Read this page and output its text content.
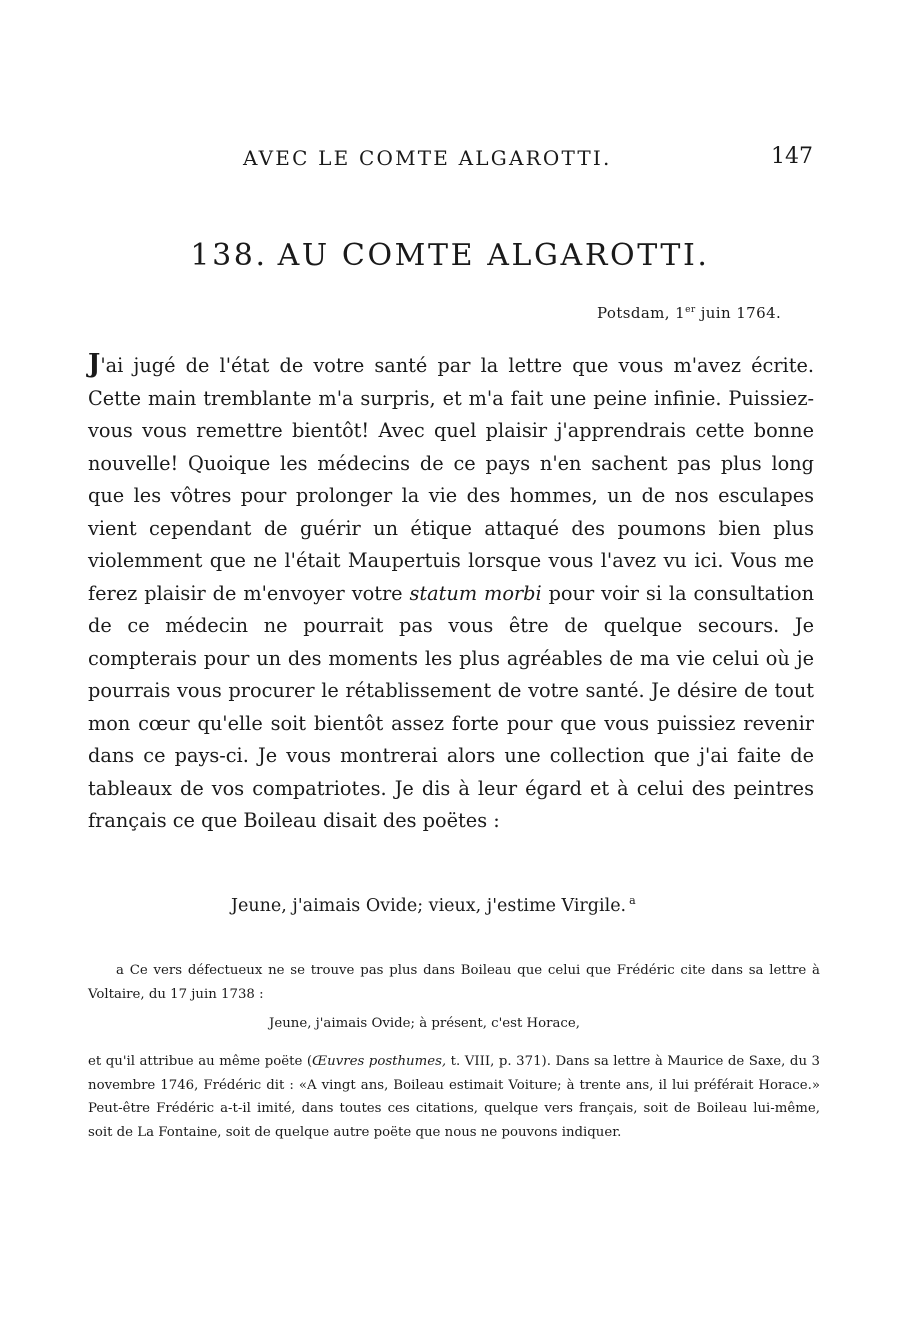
AVEC LE COMTE ALGAROTTI.	147
138. AU COMTE ALGAROTTI.
Potsdam, 1er juin 1764.
J'ai jugé de l'état de votre santé par la lettre que vous m'avez écrite. Cette main tremblante m'a surpris, et m'a fait une peine infinie. Puissiez-vous vous remettre bientôt! Avec quel plaisir j'apprendrais cette bonne nouvelle! Quoique les médecins de ce pays n'en sachent pas plus long que les vôtres pour prolonger la vie des hommes, un de nos esculapes vient cependant de guérir un étique attaqué des poumons bien plus violemment que ne l'était Maupertuis lorsque vous l'avez vu ici. Vous me ferez plaisir de m'envoyer votre statum morbi pour voir si la consultation de ce médecin ne pourrait pas vous être de quelque secours. Je compterais pour un des moments les plus agréables de ma vie celui où je pourrais vous procurer le rétablissement de votre santé. Je désire de tout mon cœur qu'elle soit bientôt assez forte pour que vous puissiez revenir dans ce pays-ci. Je vous montrerai alors une collection que j'ai faite de tableaux de vos compatriotes. Je dis à leur égard et à celui des peintres français ce que Boileau disait des poëtes :
Jeune, j'aimais Ovide; vieux, j'estime Virgile. $^a$
a Ce vers défectueux ne se trouve pas plus dans Boileau que celui que Frédéric cite dans sa lettre à Voltaire, du 17 juin 1738 :
Jeune, j'aimais Ovide; à présent, c'est Horace,
et qu'il attribue au même poëte (Œuvres posthumes, t. VIII, p. 371). Dans sa lettre à Maurice de Saxe, du 3 novembre 1746, Frédéric dit : «A vingt ans, Boileau estimait Voiture; à trente ans, il lui préférait Horace.» Peut-être Frédéric a-t-il imité, dans toutes ces citations, quelque vers français, soit de Boileau lui-même, soit de La Fontaine, soit de quelque autre poëte que nous ne pouvons indiquer.
